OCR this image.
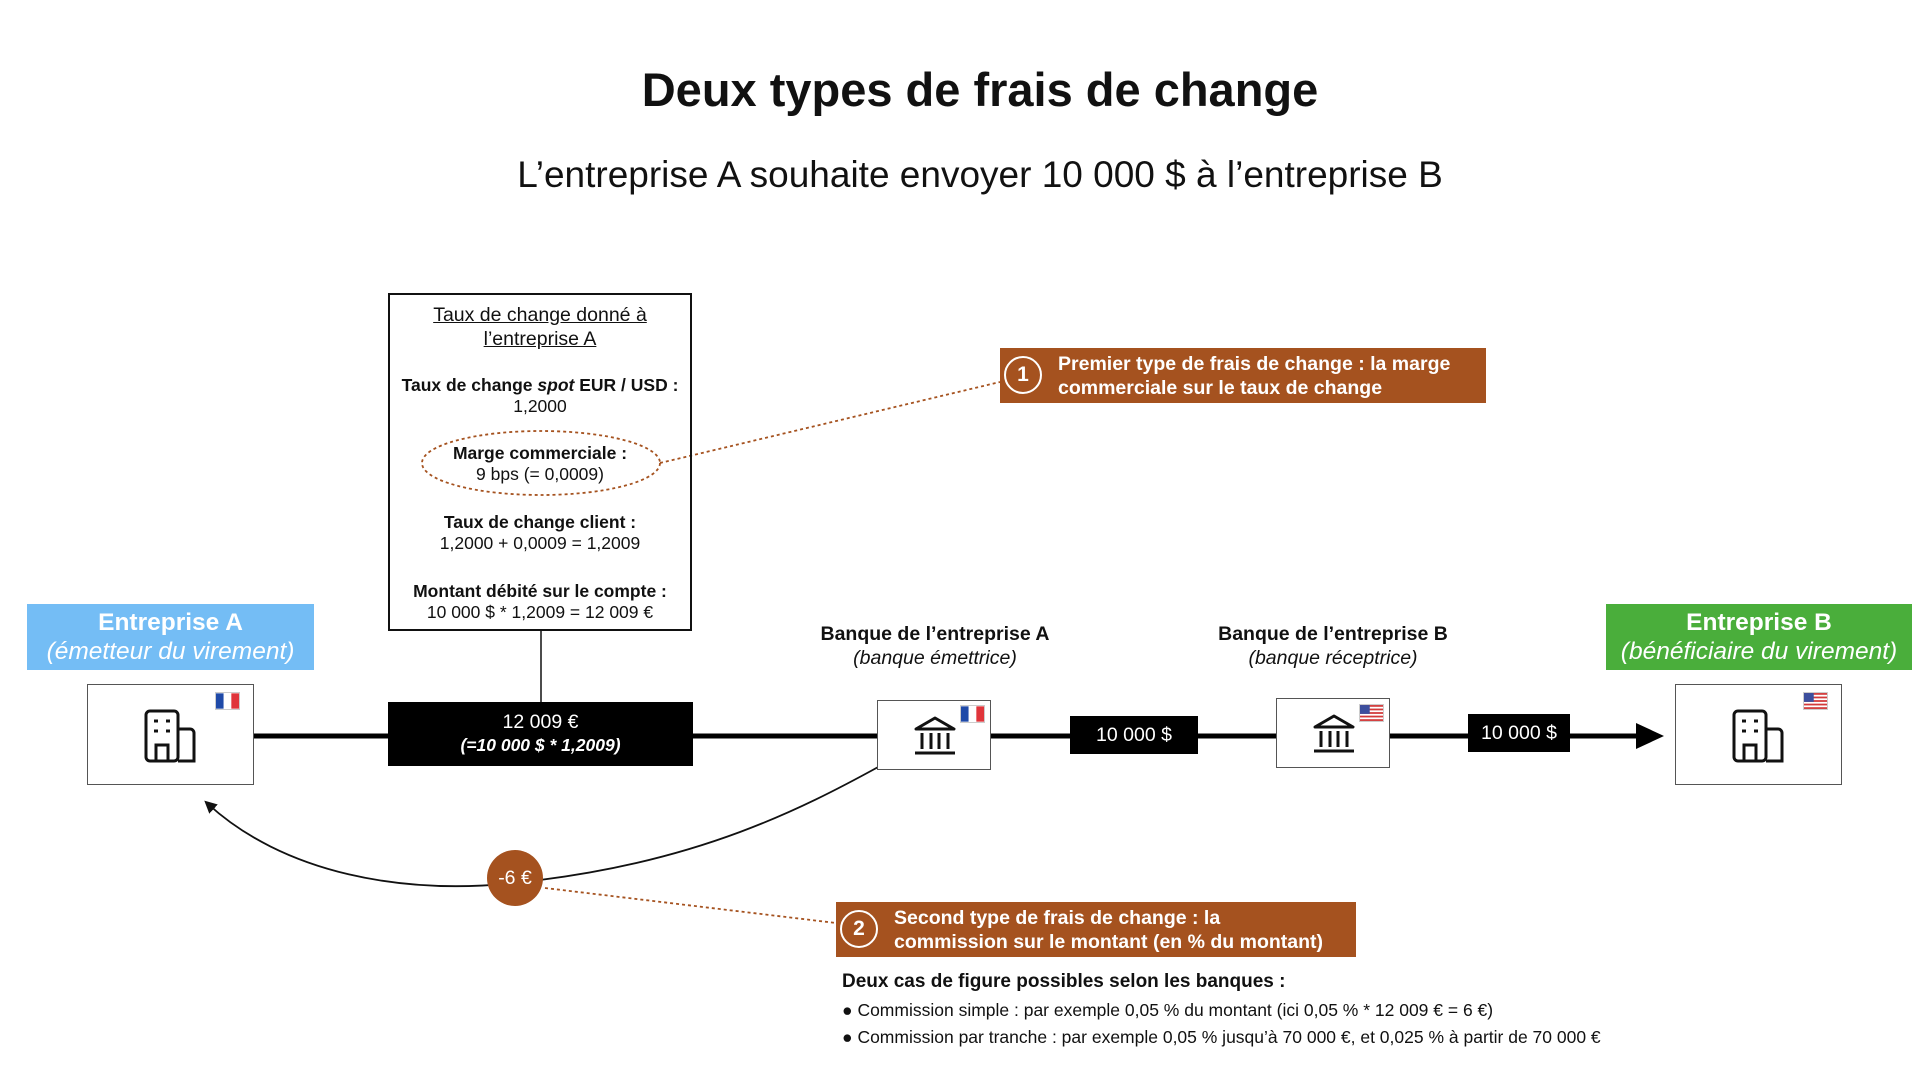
Deux types de frais de change
L’entreprise A souhaite envoyer 10 000 $ à l’entreprise B
Taux de change donné à l’entreprise A
Taux de change spot EUR / USD :
1,2000
Marge commerciale :
9 bps (= 0,0009)
Taux de change client :
1,2000 + 0,0009 = 1,2009
Montant débité sur le compte :
10 000 $ * 1,2009 = 12 009 €
1	Premier type de frais de change : la marge
commerciale sur le taux de change
Entreprise A
(émetteur du virement)
12 009 €
(=10 000 $ * 1,2009)
Banque de l’entreprise A
(banque émettrice)
10 000 $
Banque de l’entreprise B
(banque réceptrice)
10 000 $
Entreprise B
(bénéficiaire du virement)
-6 €
2	Second type de frais de change : la
commission sur le montant (en % du montant)
Deux cas de figure possibles selon les banques :
● Commission simple : par exemple 0,05 % du montant (ici 0,05 % * 12 009 € = 6 €)
● Commission par tranche : par exemple 0,05 % jusqu’à 70 000 €, et 0,025 % à partir de 70 000 €
